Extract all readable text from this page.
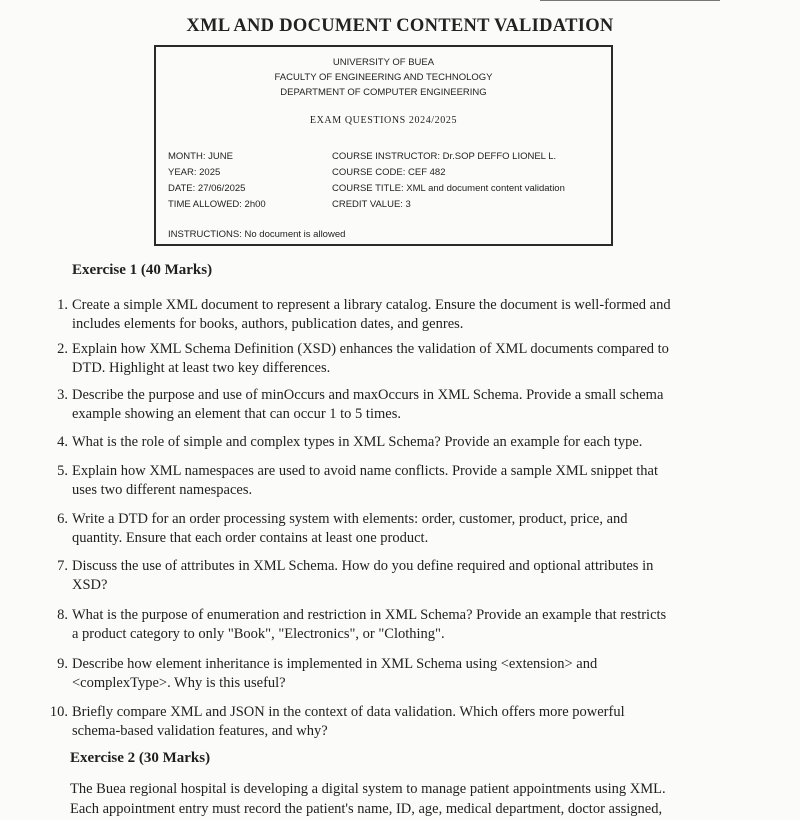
XML AND DOCUMENT CONTENT VALIDATION
UNIVERSITY OF BUEA
FACULTY OF ENGINEERING AND TECHNOLOGY
DEPARTMENT OF COMPUTER ENGINEERING
EXAM QUESTIONS 2024/2025
MONTH: JUNE
YEAR: 2025
DATE: 27/06/2025
TIME ALLOWED: 2h00
COURSE INSTRUCTOR: Dr.SOP DEFFO LIONEL L.
COURSE CODE: CEF 482
COURSE TITLE: XML and document content validation
CREDIT VALUE: 3
INSTRUCTIONS: No document is allowed
Exercise 1 (40 Marks)
1. Create a simple XML document to represent a library catalog. Ensure the document is well-formed and
includes elements for books, authors, publication dates, and genres.
2. Explain how XML Schema Definition (XSD) enhances the validation of XML documents compared to
DTD. Highlight at least two key differences.
3. Describe the purpose and use of minOccurs and maxOccurs in XML Schema. Provide a small schema
example showing an element that can occur 1 to 5 times.
4. What is the role of simple and complex types in XML Schema? Provide an example for each type.
5. Explain how XML namespaces are used to avoid name conflicts. Provide a sample XML snippet that
uses two different namespaces.
6. Write a DTD for an order processing system with elements: order, customer, product, price, and
quantity. Ensure that each order contains at least one product.
7. Discuss the use of attributes in XML Schema. How do you define required and optional attributes in
XSD?
8. What is the purpose of enumeration and restriction in XML Schema? Provide an example that restricts
a product category to only "Book", "Electronics", or "Clothing".
9. Describe how element inheritance is implemented in XML Schema using <extension> and
<complexType>. Why is this useful?
10. Briefly compare XML and JSON in the context of data validation. Which offers more powerful
schema-based validation features, and why?
Exercise 2 (30 Marks)
The Buea regional hospital is developing a digital system to manage patient appointments using XML.
Each appointment entry must record the patient's name, ID, age, medical department, doctor assigned,
